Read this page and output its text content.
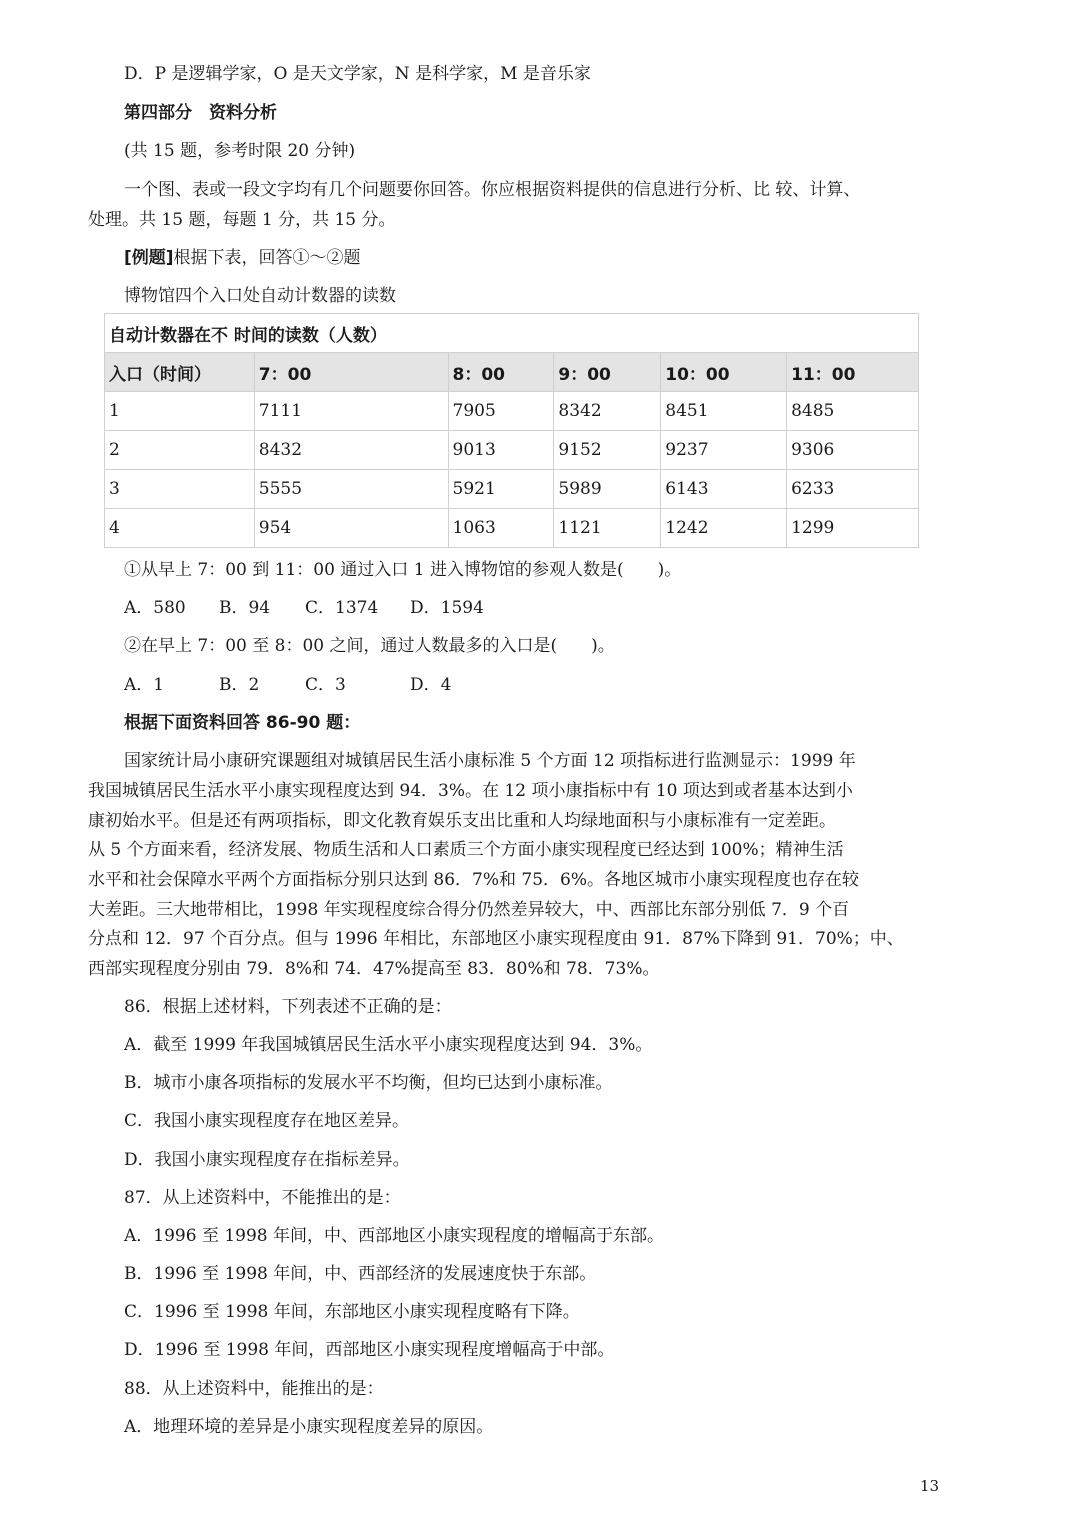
D．P 是逻辑学家，O 是天文学家，N 是科学家，M 是音乐家
第四部分　资料分析
(共 15 题，参考时限 20 分钟)
一个图、表或一段文字均有几个问题要你回答。你应根据资料提供的信息进行分析、比 较、计算、
处理。共 15 题，每题 1 分，共 15 分。
[例题]根据下表，回答①～②题
博物馆四个入口处自动计数器的读数
自动计数器在不 时间的读数（人数）					
入口（时间）	7：00	8：00	9：00	10：00	11：00
1	7111	7905	8342	8451	8485
2	8432	9013	9152	9237	9306
3	5555	5921	5989	6143	6233
4	954	1063	1121	1242	1299
①从早上 7：00 到 11：00 通过入口 1 进入博物馆的参观人数是(　　)。
A．580 B．94 C．1374 D．1594
②在早上 7：00 至 8：00 之间，通过人数最多的入口是(　　)。
A．1	B．2	C．3	D．4
根据下面资料回答 86-90 题：
国家统计局小康研究课题组对城镇居民生活小康标准 5 个方面 12 项指标进行监测显示：1999 年
我国城镇居民生活水平小康实现程度达到 94．3%。在 12 项小康指标中有 10 项达到或者基本达到小
康初始水平。但是还有两项指标，即文化教育娱乐支出比重和人均绿地面积与小康标准有一定差距。
从 5 个方面来看，经济发展、物质生活和人口素质三个方面小康实现程度已经达到 100%；精神生活
水平和社会保障水平两个方面指标分别只达到 86．7%和 75．6%。各地区城市小康实现程度也存在较
大差距。三大地带相比，1998 年实现程度综合得分仍然差异较大，中、西部比东部分别低 7．9 个百
分点和 12．97 个百分点。但与 1996 年相比，东部地区小康实现程度由 91．87%下降到 91．70%；中、
西部实现程度分别由 79．8%和 74．47%提高至 83．80%和 78．73%。
86．根据上述材料，下列表述不正确的是：
A．截至 1999 年我国城镇居民生活水平小康实现程度达到 94．3%。
B．城市小康各项指标的发展水平不均衡，但均已达到小康标准。
C．我国小康实现程度存在地区差异。
D．我国小康实现程度存在指标差异。
87．从上述资料中，不能推出的是：
A．1996 至 1998 年间，中、西部地区小康实现程度的增幅高于东部。
B．1996 至 1998 年间，中、西部经济的发展速度快于东部。
C．1996 至 1998 年间，东部地区小康实现程度略有下降。
D．1996 至 1998 年间，西部地区小康实现程度增幅高于中部。
88．从上述资料中，能推出的是：
A．地理环境的差异是小康实现程度差异的原因。
13
